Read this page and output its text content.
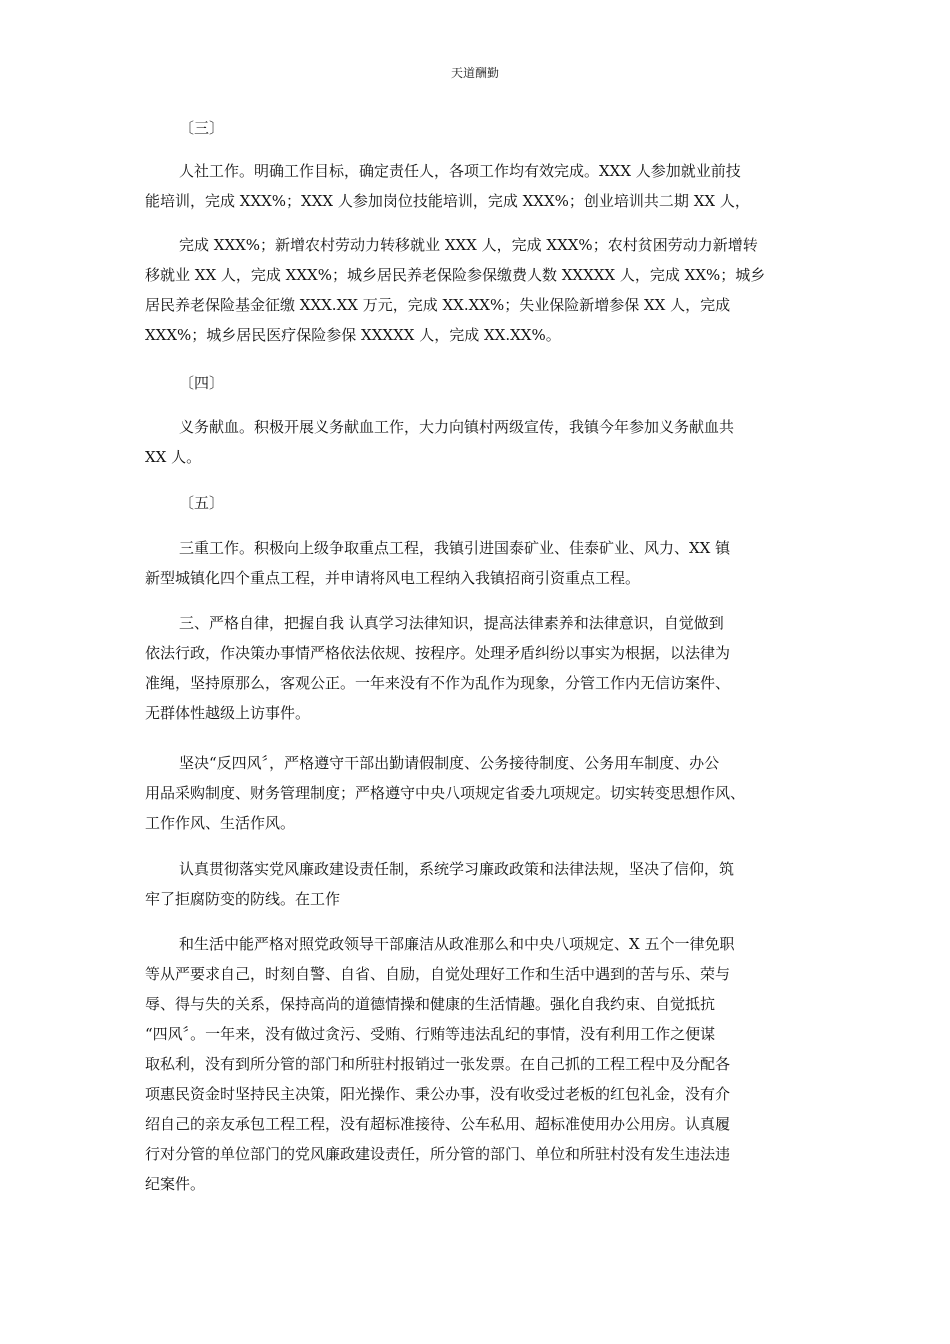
天道酬勤
〔三〕
人社工作。明确工作目标，确定责任人，各项工作均有效完成。XXX 人参加就业前技
能培训，完成 XXX%；XXX 人参加岗位技能培训，完成 XXX%；创业培训共二期 XX 人，
完成 XXX%；新增农村劳动力转移就业 XXX 人，完成 XXX%；农村贫困劳动力新增转
移就业 XX 人，完成 XXX%；城乡居民养老保险参保缴费人数 XXXXX 人，完成 XX%；城乡
居民养老保险基金征缴 XXX.XX 万元，完成 XX.XX%；失业保险新增参保 XX 人，完成
XXX%；城乡居民医疗保险参保 XXXXX 人，完成 XX.XX%。
〔四〕
义务献血。积极开展义务献血工作，大力向镇村两级宣传，我镇今年参加义务献血共
XX 人。
〔五〕
三重工作。积极向上级争取重点工程，我镇引进国泰矿业、佳泰矿业、风力、XX 镇
新型城镇化四个重点工程，并申请将风电工程纳入我镇招商引资重点工程。
三、严格自律，把握自我 认真学习法律知识，提高法律素养和法律意识，自觉做到
依法行政，作决策办事情严格依法依规、按程序。处理矛盾纠纷以事实为根据，以法律为
准绳，坚持原那么，客观公正。一年来没有不作为乱作为现象，分管工作内无信访案件、
无群体性越级上访事件。
坚决“反四风〞，严格遵守干部出勤请假制度、公务接待制度、公务用车制度、办公
用品采购制度、财务管理制度；严格遵守中央八项规定省委九项规定。切实转变思想作风、
工作作风、生活作风。
认真贯彻落实党风廉政建设责任制，系统学习廉政政策和法律法规，坚决了信仰，筑
牢了拒腐防变的防线。在工作
和生活中能严格对照党政领导干部廉洁从政准那么和中央八项规定、X 五个一律免职
等从严要求自己，时刻自警、自省、自励，自觉处理好工作和生活中遇到的苦与乐、荣与
辱、得与失的关系，保持高尚的道德情操和健康的生活情趣。强化自我约束、自觉抵抗
“四风〞。一年来，没有做过贪污、受贿、行贿等违法乱纪的事情，没有利用工作之便谋
取私利，没有到所分管的部门和所驻村报销过一张发票。在自己抓的工程工程中及分配各
项惠民资金时坚持民主决策，阳光操作、秉公办事，没有收受过老板的红包礼金，没有介
绍自己的亲友承包工程工程，没有超标准接待、公车私用、超标准使用办公用房。认真履
行对分管的单位部门的党风廉政建设责任，所分管的部门、单位和所驻村没有发生违法违
纪案件。
